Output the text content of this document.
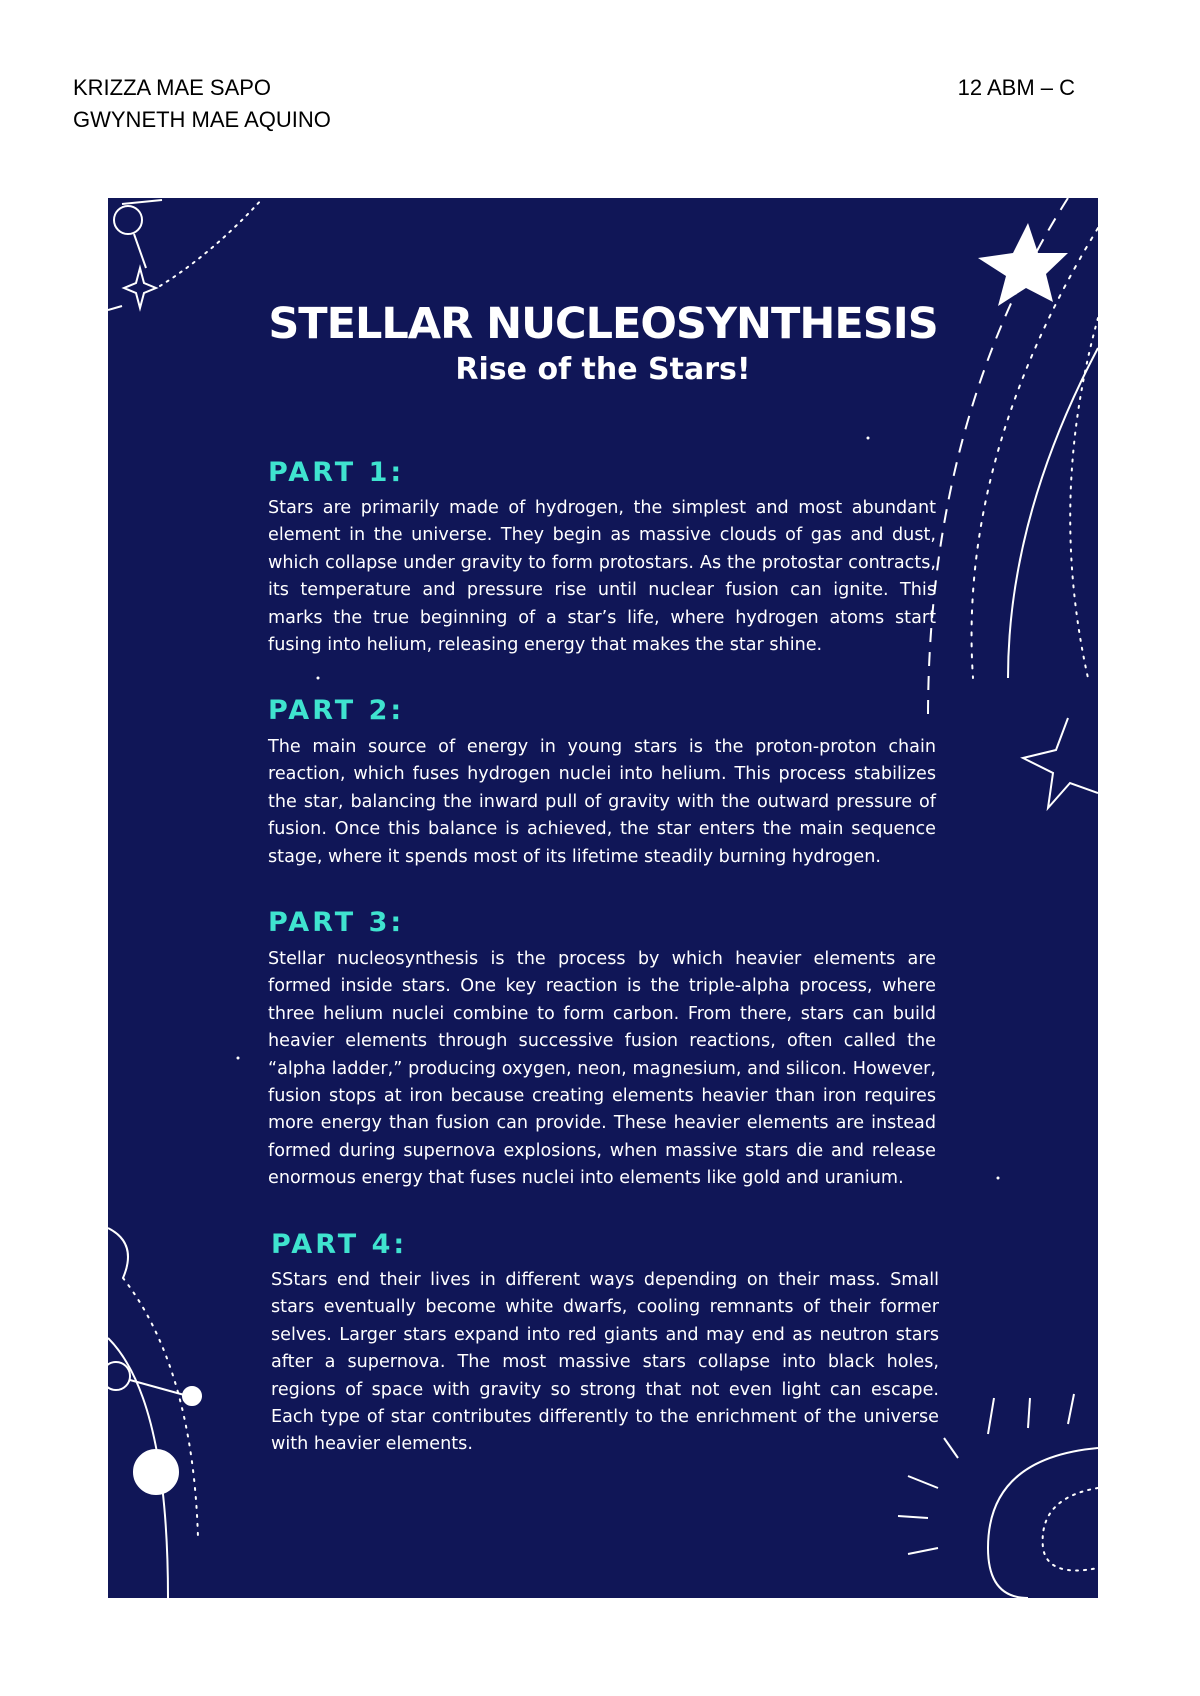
KRIZZA MAE SAPO
GWYNETH MAE AQUINO
12 ABM – C
STELLAR NUCLEOSYNTHESIS
Rise of the Stars!
PART 1:
Stars are primarily made of hydrogen, the simplest and most abundant element in the universe. They begin as massive clouds of gas and dust, which collapse under gravity to form protostars. As the protostar contracts, its temperature and pressure rise until nuclear fusion can ignite. This marks the true beginning of a star’s life, where hydrogen atoms start fusing into helium, releasing energy that makes the star shine.
PART 2:
The main source of energy in young stars is the proton-proton chain reaction, which fuses hydrogen nuclei into helium. This process stabilizes the star, balancing the inward pull of gravity with the outward pressure of fusion. Once this balance is achieved, the star enters the main sequence stage, where it spends most of its lifetime steadily burning hydrogen.
PART 3:
Stellar nucleosynthesis is the process by which heavier elements are formed inside stars. One key reaction is the triple-alpha process, where three helium nuclei combine to form carbon. From there, stars can build heavier elements through successive fusion reactions, often called the “alpha ladder,” producing oxygen, neon, magnesium, and silicon. However, fusion stops at iron because creating elements heavier than iron requires more energy than fusion can provide. These heavier elements are instead formed during supernova explosions, when massive stars die and release enormous energy that fuses nuclei into elements like gold and uranium.
PART 4:
SStars end their lives in different ways depending on their mass. Small stars eventually become white dwarfs, cooling remnants of their former selves. Larger stars expand into red giants and may end as neutron stars after a supernova. The most massive stars collapse into black holes, regions of space with gravity so strong that not even light can escape. Each type of star contributes differently to the enrichment of the universe with heavier elements.
